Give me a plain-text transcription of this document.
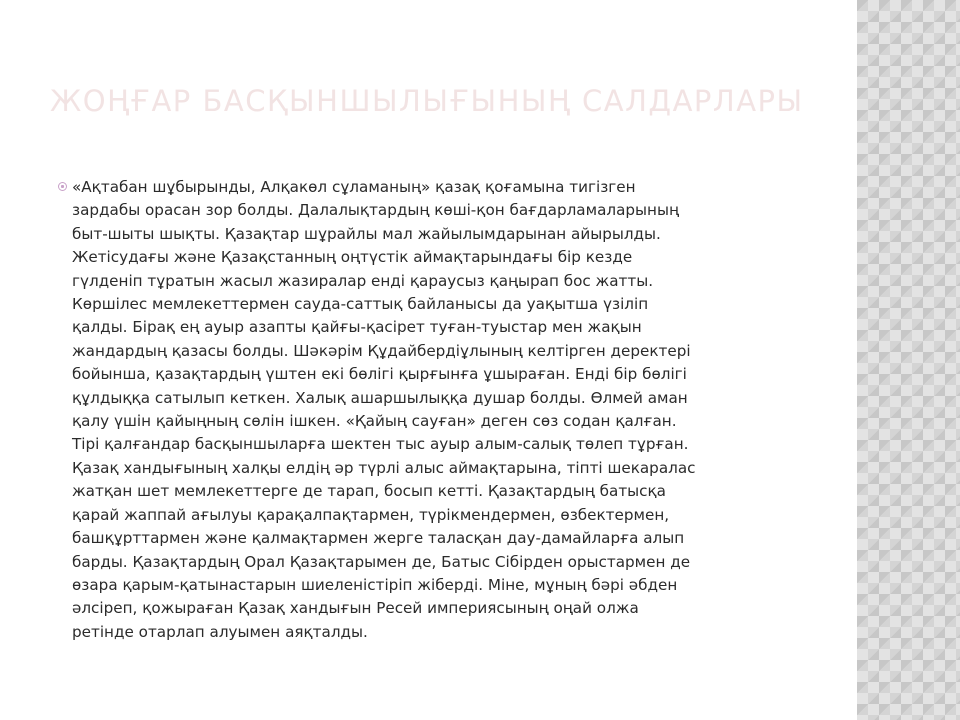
ЖОҢҒАР БАСҚЫНШЫЛЫҒЫНЫҢ САЛДАРЛАРЫ

«Ақтабан шұбырынды, Алқакөл сұламаның» қазақ қоғамына тигізген
зардабы орасан зор болды. Далалықтардың көші-қон бағдарламаларының
быт-шыты шықты. Қазақтар шұрайлы мал жайылымдарынан айырылды.
Жетісудағы және Қазақстанның оңтүстік аймақтарындағы бір кезде
гүлденіп тұратын жасыл жазиралар енді қараусыз қаңырап бос жатты.
Көршілес мемлекеттермен сауда-саттық байланысы да уақытша үзіліп
қалды. Бірақ ең ауыр азапты қайғы-қасірет туған-туыстар мен жақын
жандардың қазасы болды. Шәкәрім Құдайбердіұлының келтірген деректері
бойынша, қазақтардың үштен екі бөлігі қырғынға ұшыраған. Енді бір бөлігі
құлдыққа сатылып кеткен. Халық ашаршылыққа душар болды. Өлмей аман
қалу үшін қайыңның сөлін ішкен. «Қайың сауған» деген сөз содан қалған.
Тірі қалғандар басқыншыларға шектен тыс ауыр алым-салық төлеп тұрған.
Қазақ хандығының халқы елдің әр түрлі алыс аймақтарына, тіпті шекаралас
жатқан шет мемлекеттерге де тарап, босып кетті. Қазақтардың батысқа
қарай жаппай ағылуы қарақалпақтармен, түрікмендермен, өзбектермен,
башқұрттармен және қалмақтармен жерге таласқан дау-дамайларға алып
барды. Қазақтардың Орал Қазақтарымен де, Батыс Сібірден орыстармен де
өзара қарым-қатынастарын шиеленістіріп жіберді. Міне, мұның бәрі әбден
әлсіреп, қожыраған Қазақ хандығын Ресей империясының оңай олжа
ретінде отарлап алуымен аяқталды.
